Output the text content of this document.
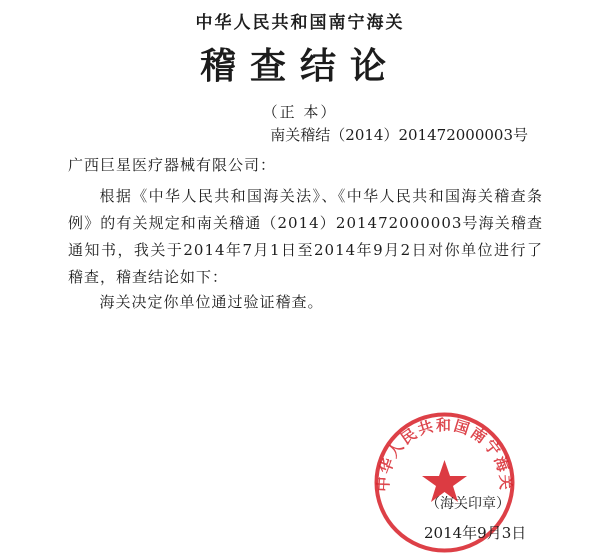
中华人民共和国南宁海关
稽查结论
（正 本）
南关稽结（2014）201472000003号
广西巨星医疗器械有限公司：

根据《中华人民共和国海关法》、《中华人民共和国海关稽查条例》的有关规定和南关稽通（2014）201472000003号海关稽查通知书，我关于2014年7月1日至2014年9月2日对你单位进行了稽查，稽查结论如下：

海关决定你单位通过验证稽查。
中华人民共和国南宁海关
（海关印章）
2014年9月3日
